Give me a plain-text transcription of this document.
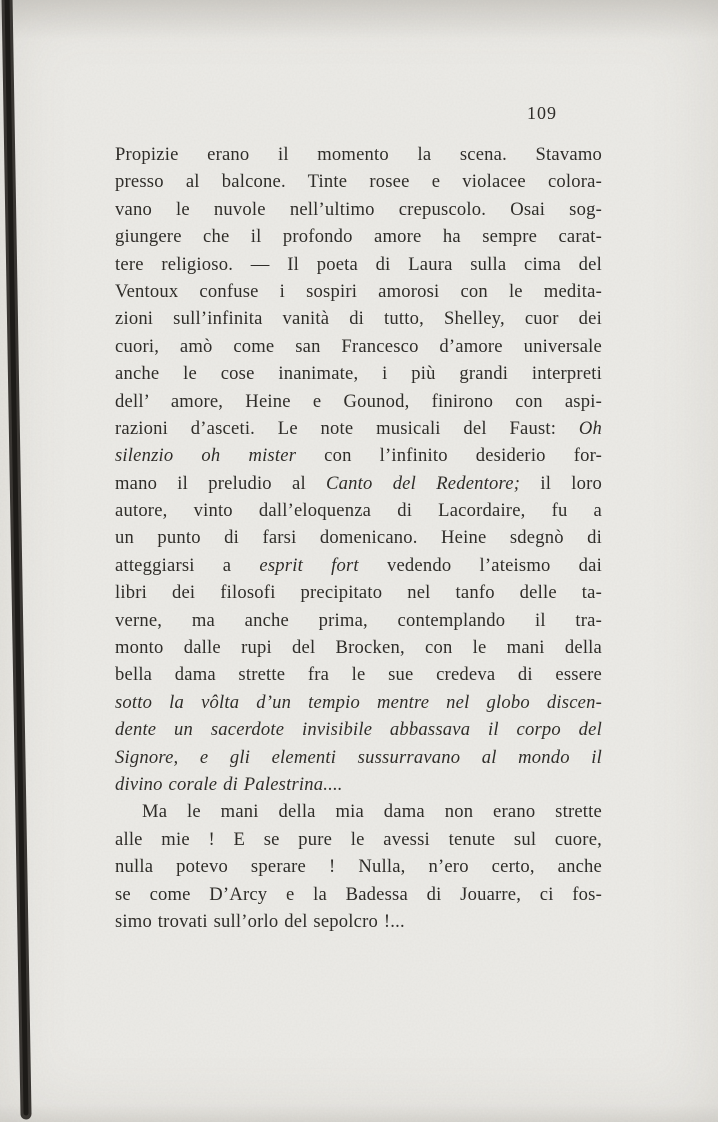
109
Propizie erano il momento la scena. Stavamo
presso al balcone. Tinte rosee e violacee colora-
vano le nuvole nell’ultimo crepuscolo. Osai sog-
giungere che il profondo amore ha sempre carat-
tere religioso. — Il poeta di Laura sulla cima del
Ventoux confuse i sospiri amorosi con le medita-
zioni sull’infinita vanità di tutto, Shelley, cuor dei
cuori, amò come san Francesco d’amore universale
anche le cose inanimate, i più grandi interpreti
dell’ amore, Heine e Gounod, finirono con aspi-
razioni d’asceti. Le note musicali del Faust: Oh
silenzio oh mister con l’infinito desiderio for-
mano il preludio al Canto del Redentore; il loro
autore, vinto dall’eloquenza di Lacordaire, fu a
un punto di farsi domenicano. Heine sdegnò di
atteggiarsi a esprit fort vedendo l’ateismo dai
libri dei filosofi precipitato nel tanfo delle ta-
verne, ma anche prima, contemplando il tra-
monto dalle rupi del Brocken, con le mani della
bella dama strette fra le sue credeva di essere
sotto la vôlta d’un tempio mentre nel globo discen-
dente un sacerdote invisibile abbassava il corpo del
Signore, e gli elementi sussurravano al mondo il
divino corale di Palestrina....
Ma le mani della mia dama non erano strette
alle mie ! E se pure le avessi tenute sul cuore,
nulla potevo sperare ! Nulla, n’ero certo, anche
se come D’Arcy e la Badessa di Jouarre, ci fos-
simo trovati sull’orlo del sepolcro !...
